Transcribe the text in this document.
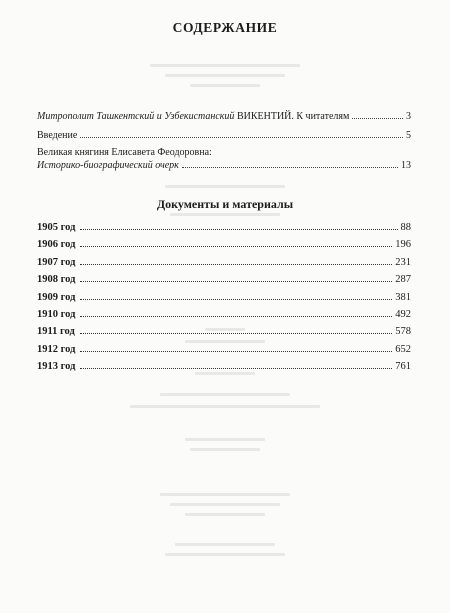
СОДЕРЖАНИЕ
Митрополит Ташкентский и Узбекистанский ВИКЕНТИЙ. К читателям	3
Введение	5
Великая княгиня Елисавета Феодоровна:
Историко-биографический очерк	13
Документы и материалы
1905 год	88
1906 год	196
1907 год	231
1908 год	287
1909 год	381
1910 год	492
1911 год	578
1912 год	652
1913 год	761
